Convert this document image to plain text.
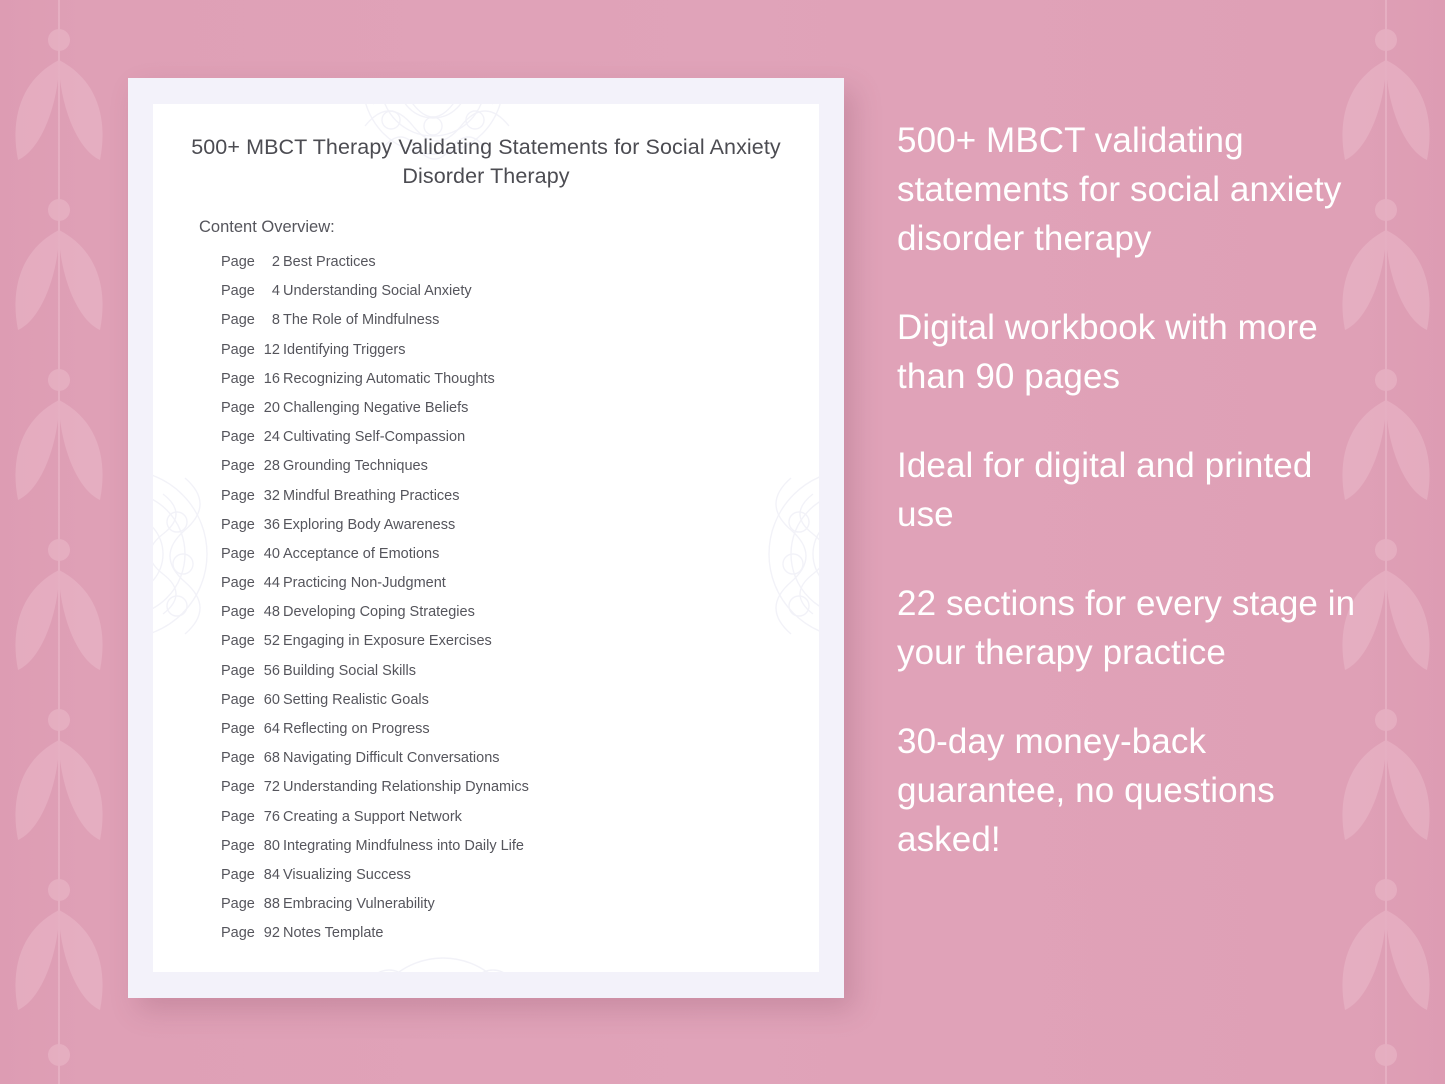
500+ MBCT Therapy Validating Statements for Social Anxiety Disorder Therapy
Content Overview:
Page 2 Best Practices
Page 4 Understanding Social Anxiety
Page 8 The Role of Mindfulness
Page 12 Identifying Triggers
Page 16 Recognizing Automatic Thoughts
Page 20 Challenging Negative Beliefs
Page 24 Cultivating Self-Compassion
Page 28 Grounding Techniques
Page 32 Mindful Breathing Practices
Page 36 Exploring Body Awareness
Page 40 Acceptance of Emotions
Page 44 Practicing Non-Judgment
Page 48 Developing Coping Strategies
Page 52 Engaging in Exposure Exercises
Page 56 Building Social Skills
Page 60 Setting Realistic Goals
Page 64 Reflecting on Progress
Page 68 Navigating Difficult Conversations
Page 72 Understanding Relationship Dynamics
Page 76 Creating a Support Network
Page 80 Integrating Mindfulness into Daily Life
Page 84 Visualizing Success
Page 88 Embracing Vulnerability
Page 92 Notes Template
500+ MBCT validating statements for social anxiety disorder therapy
Digital workbook with more than 90 pages
Ideal for digital and printed use
22 sections for every stage in your therapy practice
30-day money-back guarantee, no questions asked!
